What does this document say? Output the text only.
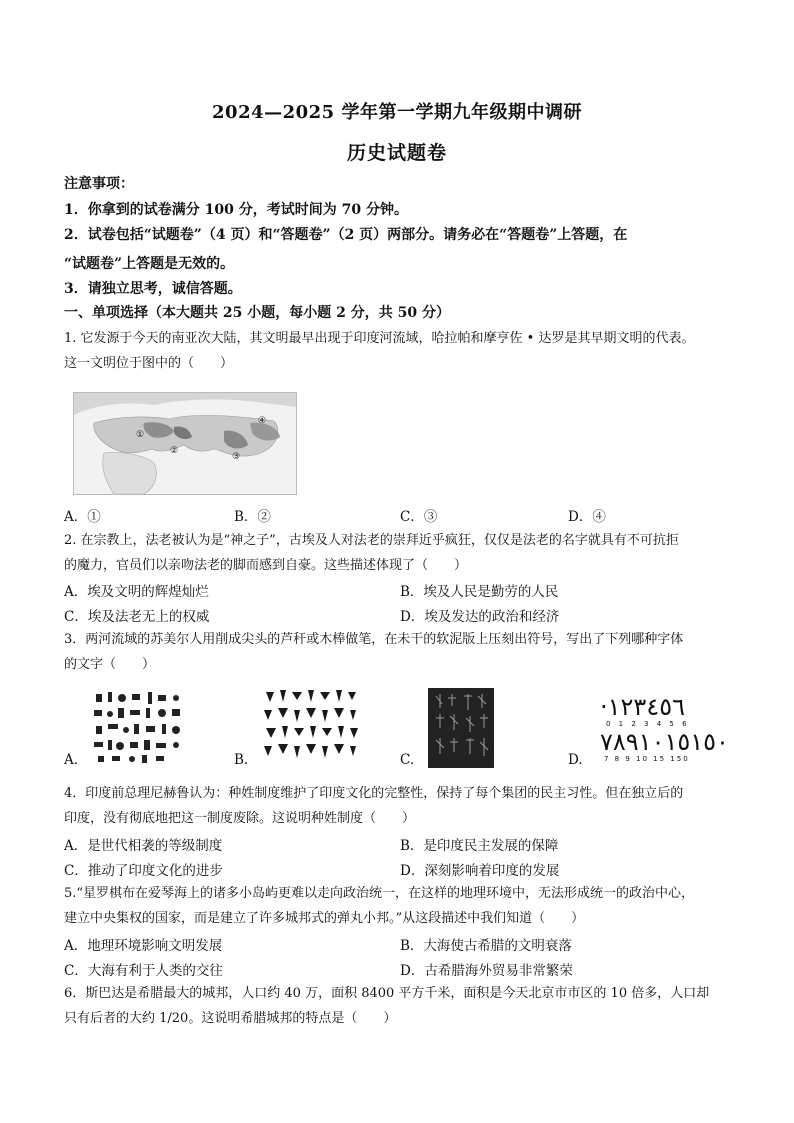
2024—2025 学年第一学期九年级期中调研
历史试题卷
注意事项：
1．你拿到的试卷满分 100 分，考试时间为 70 分钟。
2．试卷包括“试题卷”（4 页）和“答题卷”（2 页）两部分。请务必在“答题卷”上答题，在
“试题卷”上答题是无效的。
3．请独立思考，诚信答题。
一、单项选择（本大题共 25 小题，每小题 2 分，共 50 分）
1. 它发源于今天的南亚次大陆，其文明最早出现于印度河流域，哈拉帕和摩亨佐 • 达罗是其早期文明的代表。
这一文明位于图中的（　　）
①
②
③
④
A．①	B．②	C．③	D．④
2. 在宗教上，法老被认为是“神之子”，古埃及人对法老的崇拜近乎疯狂，仅仅是法老的名字就具有不可抗拒
的魔力，官员们以亲吻法老的脚而感到自豪。这些描述体现了（　　）
A．埃及文明的辉煌灿烂	B．埃及人民是勤劳的人民
C．埃及法老无上的权威	D．埃及发达的政治和经济
3．两河流域的苏美尔人用削成尖头的芦秆或木棒做笔，在未干的软泥版上压刻出符号，写出了下列哪种字体
的文字（　　）
A.	B.	C.	D.
·١٢٣٤٥٦
0 1 2 3 4 5 6
٧٨٩١٠١٥١٥٠
7 8 9 10 15 150
4．印度前总理尼赫鲁认为：种姓制度维护了印度文化的完整性，保持了每个集团的民主习性。但在独立后的
印度，没有彻底地把这一制度废除。这说明种姓制度（　　）
A．是世代相袭的等级制度	B．是印度民主发展的保障
C．推动了印度文化的进步	D．深刻影响着印度的发展
5.“星罗棋布在爱琴海上的诸多小岛屿更难以走向政治统一，在这样的地理环境中，无法形成统一的政治中心，
建立中央集权的国家，而是建立了许多城邦式的弹丸小邦。”从这段描述中我们知道（　　）
A．地理环境影响文明发展	B．大海使古希腊的文明衰落
C．大海有利于人类的交往	D．古希腊海外贸易非常繁荣
6．斯巴达是希腊最大的城邦，人口约 40 万，面积 8400 平方千米，面积是今天北京市市区的 10 倍多，人口却
只有后者的大约 1/20。这说明希腊城邦的特点是（　　）
